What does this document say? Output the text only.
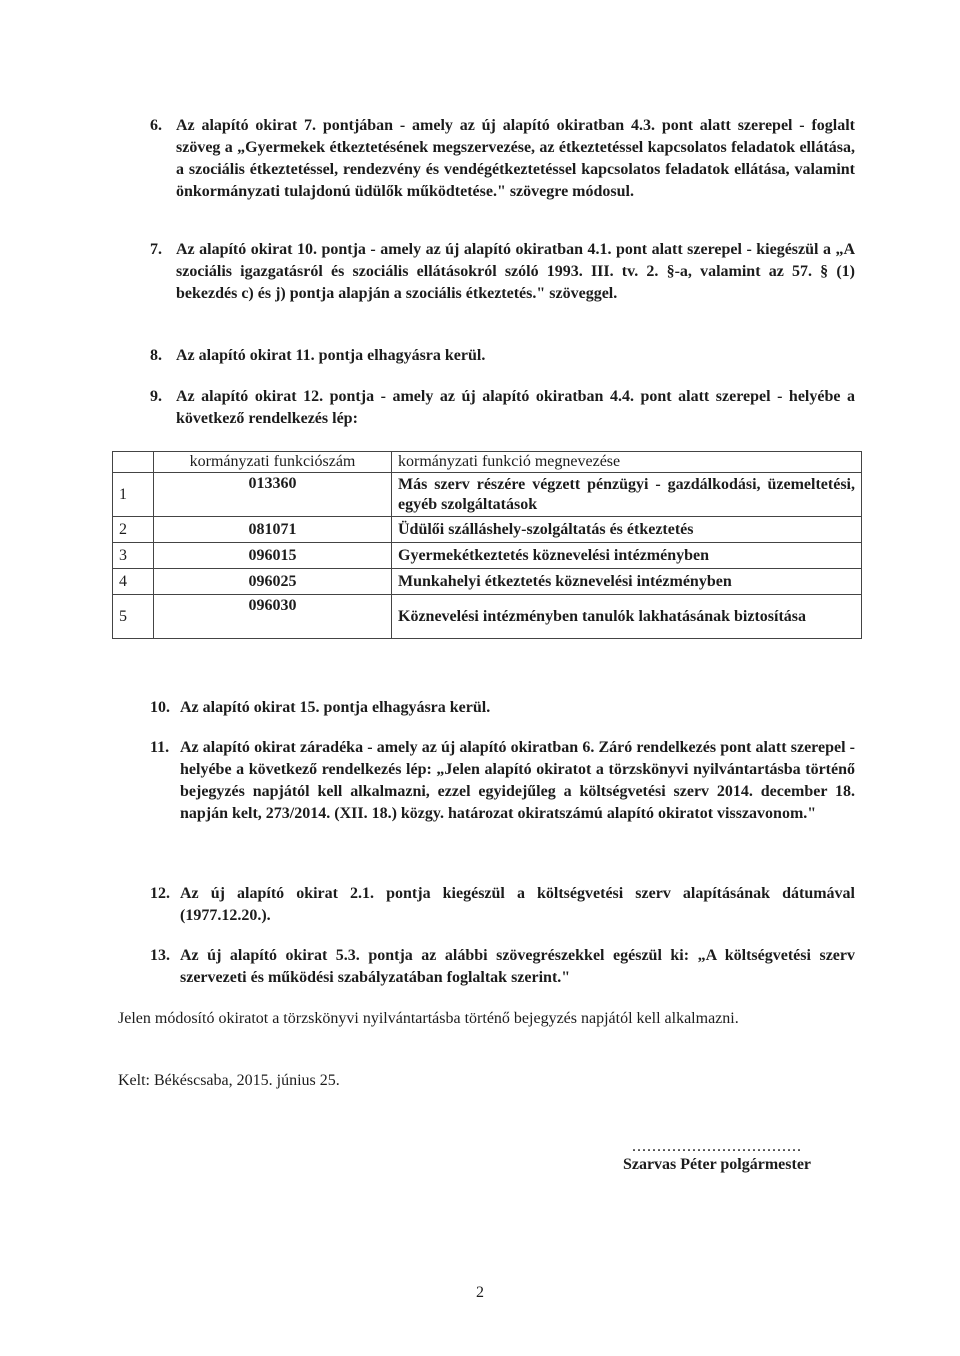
6. Az alapító okirat 7. pontjában - amely az új alapító okiratban 4.3. pont alatt szerepel - foglalt szöveg a „Gyermekek étkeztetésének megszervezése, az étkeztetéssel kapcsolatos feladatok ellátása, a szociális étkeztetéssel, rendezvény és vendégétkeztetéssel kapcsolatos feladatok ellátása, valamint önkormányzati tulajdonú üdülők működtetése." szövegre módosul.
7. Az alapító okirat 10. pontja - amely az új alapító okiratban 4.1. pont alatt szerepel - kiegészül a „A szociális igazgatásról és szociális ellátásokról szóló 1993. III. tv. 2. §-a, valamint az 57. § (1) bekezdés c) és j) pontja alapján a szociális étkeztetés." szöveggel.
8. Az alapító okirat 11. pontja elhagyásra kerül.
9. Az alapító okirat 12. pontja - amely az új alapító okiratban 4.4. pont alatt szerepel - helyébe a következő rendelkezés lép:
	kormányzati funkciószám	kormányzati funkció megnevezése
1	013360	Más szerv részére végzett pénzügyi - gazdálkodási, üzemeltetési, egyéb szolgáltatások
2	081071	Üdülői szálláshely-szolgáltatás és étkeztetés
3	096015	Gyermekétkeztetés köznevelési intézményben
4	096025	Munkahelyi étkeztetés köznevelési intézményben
5	096030	Köznevelési intézményben tanulók lakhatásának biztosítása
10. Az alapító okirat 15. pontja elhagyásra kerül.
11. Az alapító okirat záradéka - amely az új alapító okiratban 6. Záró rendelkezés pont alatt szerepel - helyébe a következő rendelkezés lép: „Jelen alapító okiratot a törzskönyvi nyilvántartásba történő bejegyzés napjától kell alkalmazni, ezzel egyidejűleg a költségvetési szerv 2014. december 18. napján kelt, 273/2014. (XII. 18.) közgy. határozat okiratszámú alapító okiratot visszavonom."
12. Az új alapító okirat 2.1. pontja kiegészül a költségvetési szerv alapításának dátumával (1977.12.20.).
13. Az új alapító okirat 5.3. pontja az alábbi szövegrészekkel egészül ki: „A költségvetési szerv szervezeti és működési szabályzatában foglaltak szerint."
Jelen módosító okiratot a törzskönyvi nyilvántartásba történő bejegyzés napjától kell alkalmazni.
Kelt: Békéscsaba, 2015. június 25.
..................................
Szarvas Péter polgármester
2
